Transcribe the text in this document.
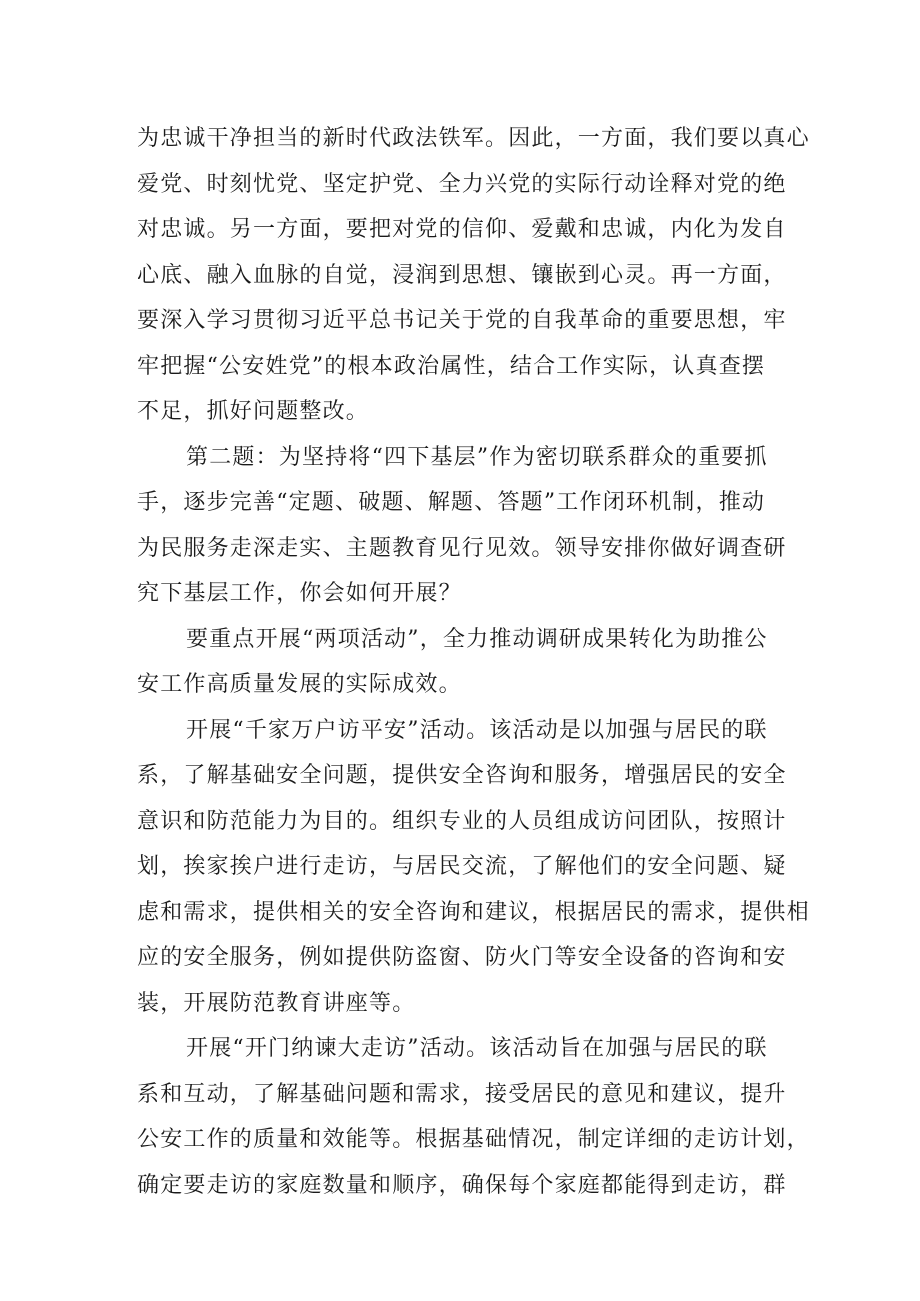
为忠诚干净担当的新时代政法铁军。因此，一方面，我们要以真心
爱党、时刻忧党、坚定护党、全力兴党的实际行动诠释对党的绝
对忠诚。另一方面，要把对党的信仰、爱戴和忠诚，内化为发自
心底、融入血脉的自觉，浸润到思想、镶嵌到心灵。再一方面，
要深入学习贯彻习近平总书记关于党的自我革命的重要思想，牢
牢把握“公安姓党”的根本政治属性，结合工作实际，认真查摆
不足，抓好问题整改。
第二题：为坚持将“四下基层”作为密切联系群众的重要抓
手，逐步完善“定题、破题、解题、答题”工作闭环机制，推动
为民服务走深走实、主题教育见行见效。领导安排你做好调查研
究下基层工作，你会如何开展？
要重点开展“两项活动”，全力推动调研成果转化为助推公
安工作高质量发展的实际成效。
开展“千家万户访平安”活动。该活动是以加强与居民的联
系，了解基础安全问题，提供安全咨询和服务，增强居民的安全
意识和防范能力为目的。组织专业的人员组成访问团队，按照计
划，挨家挨户进行走访，与居民交流，了解他们的安全问题、疑
虑和需求，提供相关的安全咨询和建议，根据居民的需求，提供相
应的安全服务，例如提供防盗窗、防火门等安全设备的咨询和安
装，开展防范教育讲座等。
开展“开门纳谏大走访”活动。该活动旨在加强与居民的联
系和互动，了解基础问题和需求，接受居民的意见和建议，提升
公安工作的质量和效能等。根据基础情况，制定详细的走访计划，
确定要走访的家庭数量和顺序，确保每个家庭都能得到走访，群
